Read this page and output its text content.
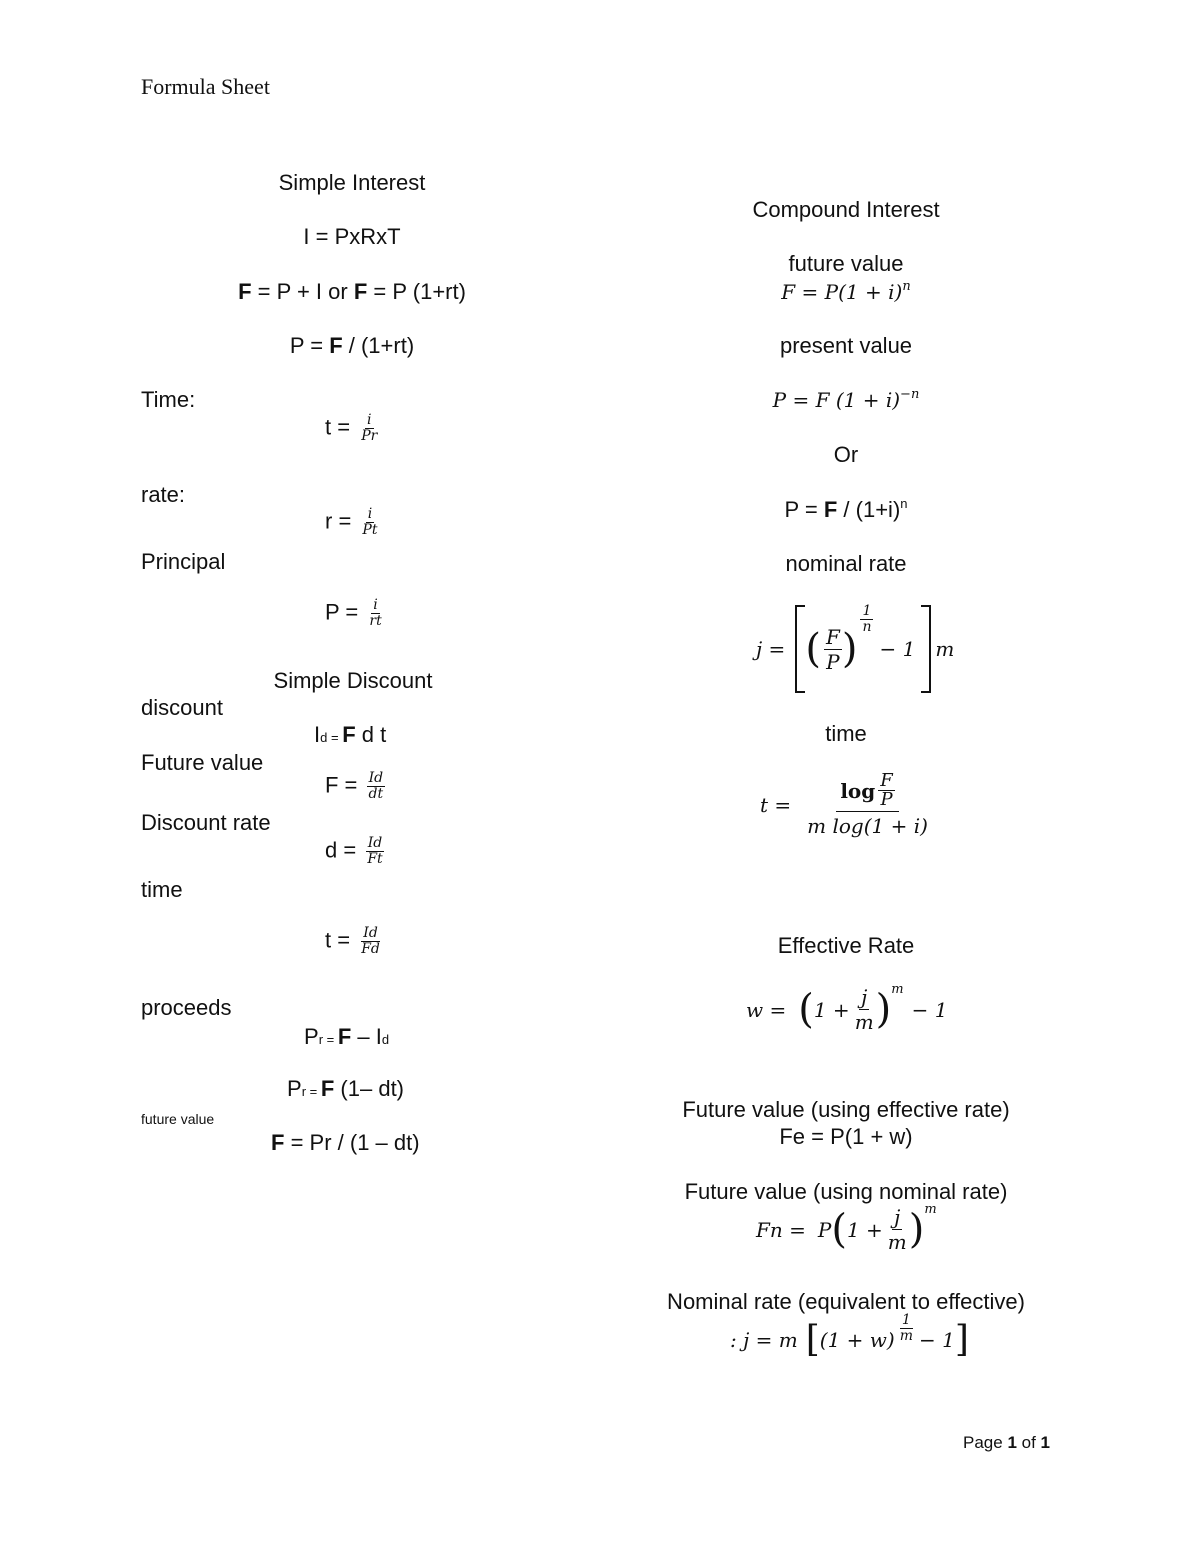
Formula Sheet
Simple Interest
I = PxRxT
F = P + I or F = P (1+rt)
P = F / (1+rt)
Time:
$t = \frac{i}{Pr}$
rate:
$r = \frac{i}{Pt}$
Principal
$P = \frac{i}{rt}$
Simple Discount
discount
Id = F d t
Future value
$F = \frac{Id}{dt}$
Discount rate
$d = \frac{Id}{Ft}$
time
$t = \frac{Id}{Fd}$
proceeds
Pr = F – Id
Pr = F (1– dt)
future value
F = Pr / (1 – dt)
Compound Interest
future value
$F = P(1 + i)^n$
present value
P = F $(1 + i)^{-n}$
Or
$P = F / (1+i)^n$
nominal rate
j = ( $\frac{F}{P}$ )
$\frac{1}{n}$
− 1 m
time
$t = \frac{\log \frac{F}{P}}{\text{m log(1 + i)}}$
Effective Rate
$w = (1 + \frac{j}{m} )^m- 1$
Future value (using effective rate)
Fe = P(1 + w)
Future value (using nominal rate)
$Fn = P(1 + \frac{j}{m} )^m$
Nominal rate (equivalent to effective)
: j = m $[(1 + w) \frac{1}{m} - 1]$
Page 1 of 1
